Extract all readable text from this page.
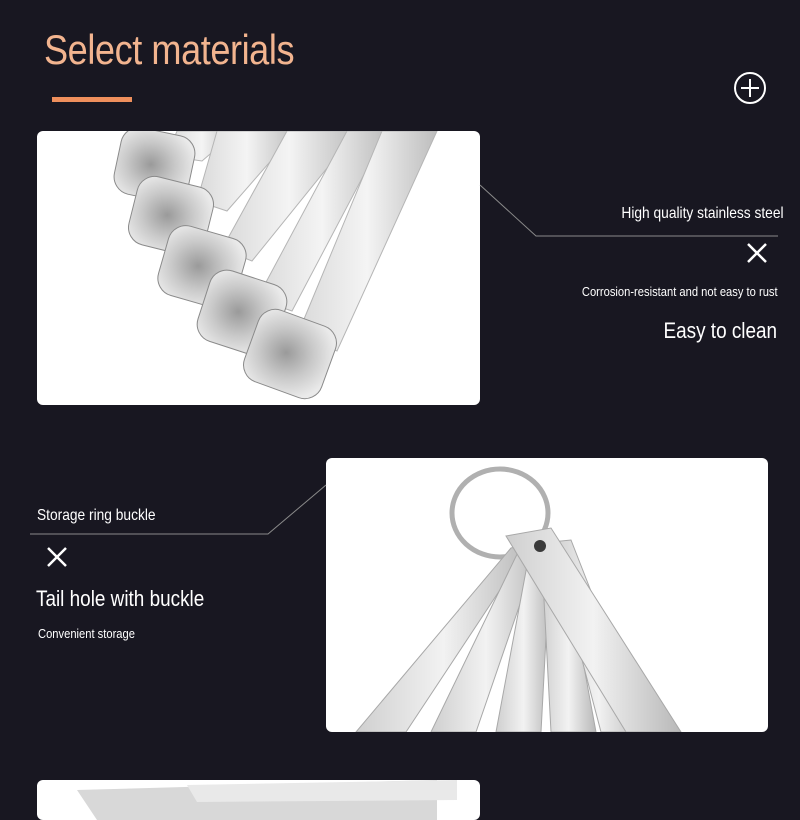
Select materials
High quality stainless steel
Corrosion-resistant and not easy to rust
Easy to clean
Storage ring buckle
Tail hole with buckle
Convenient storage
